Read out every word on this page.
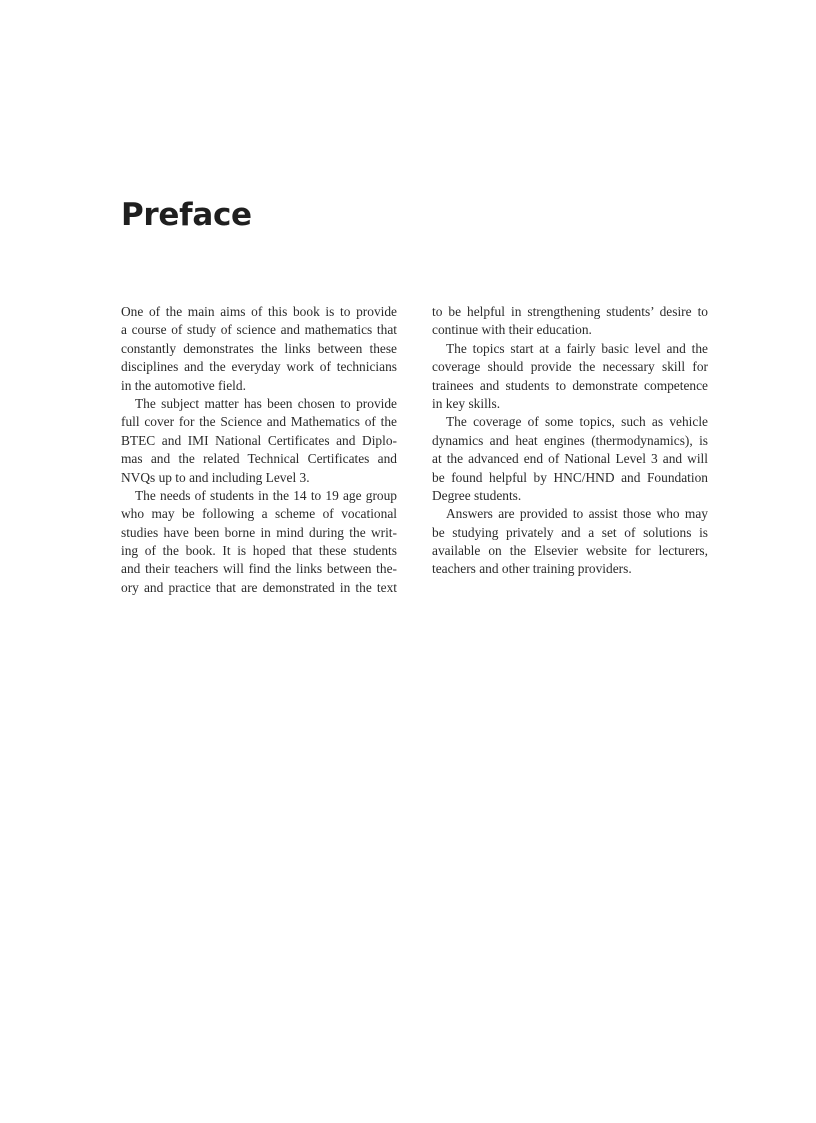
Preface
One of the main aims of this book is to provide
a course of study of science and mathematics that
constantly demonstrates the links between these
disciplines and the everyday work of technicians
in the automotive field.
The subject matter has been chosen to provide
full cover for the Science and Mathematics of the
BTEC and IMI National Certificates and Diplo-
mas and the related Technical Certificates and
NVQs up to and including Level 3.
The needs of students in the 14 to 19 age group
who may be following a scheme of vocational
studies have been borne in mind during the writ-
ing of the book. It is hoped that these students
and their teachers will find the links between the-
ory and practice that are demonstrated in the text
to be helpful in strengthening students’ desire to
continue with their education.
The topics start at a fairly basic level and the
coverage should provide the necessary skill for
trainees and students to demonstrate competence
in key skills.
The coverage of some topics, such as vehicle
dynamics and heat engines (thermodynamics), is
at the advanced end of National Level 3 and will
be found helpful by HNC/HND and Foundation
Degree students.
Answers are provided to assist those who may
be studying privately and a set of solutions is
available on the Elsevier website for lecturers,
teachers and other training providers.
